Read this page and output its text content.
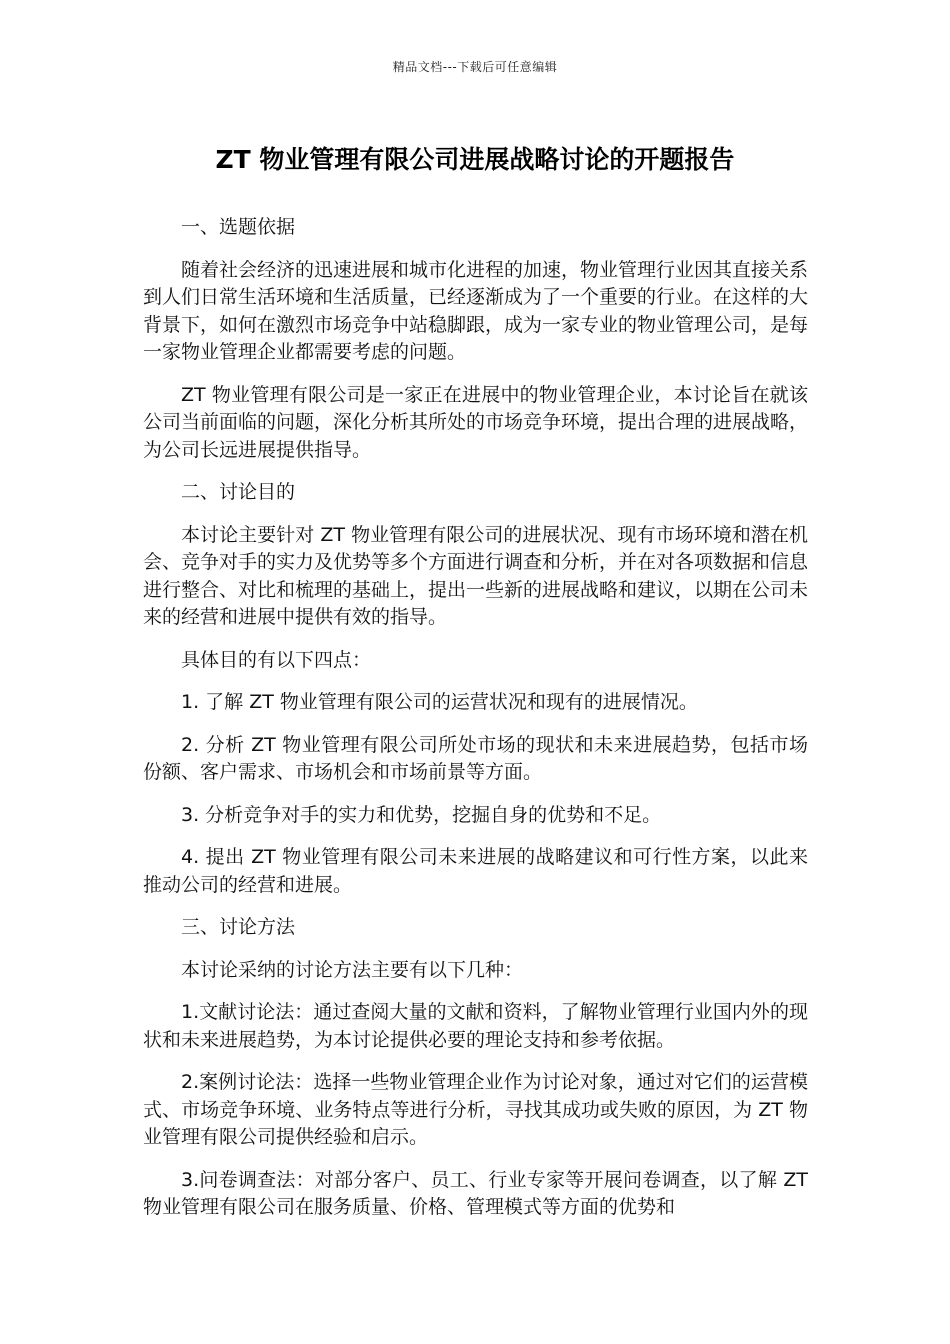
精品文档---下载后可任意编辑
ZT 物业管理有限公司进展战略讨论的开题报告

一、选题依据

随着社会经济的迅速进展和城市化进程的加速，物业管理行业因其直接关系到人们日常生活环境和生活质量，已经逐渐成为了一个重要的行业。在这样的大背景下，如何在激烈市场竞争中站稳脚跟，成为一家专业的物业管理公司，是每一家物业管理企业都需要考虑的问题。

ZT 物业管理有限公司是一家正在进展中的物业管理企业，本讨论旨在就该公司当前面临的问题，深化分析其所处的市场竞争环境，提出合理的进展战略，为公司长远进展提供指导。

二、讨论目的

本讨论主要针对 ZT 物业管理有限公司的进展状况、现有市场环境和潜在机会、竞争对手的实力及优势等多个方面进行调查和分析，并在对各项数据和信息进行整合、对比和梳理的基础上，提出一些新的进展战略和建议，以期在公司未来的经营和进展中提供有效的指导。

具体目的有以下四点：

1. 了解 ZT 物业管理有限公司的运营状况和现有的进展情况。

2. 分析 ZT 物业管理有限公司所处市场的现状和未来进展趋势，包括市场份额、客户需求、市场机会和市场前景等方面。

3. 分析竞争对手的实力和优势，挖掘自身的优势和不足。

4. 提出 ZT 物业管理有限公司未来进展的战略建议和可行性方案，以此来推动公司的经营和进展。

三、讨论方法

本讨论采纳的讨论方法主要有以下几种：

1.文献讨论法：通过查阅大量的文献和资料，了解物业管理行业国内外的现状和未来进展趋势，为本讨论提供必要的理论支持和参考依据。

2.案例讨论法：选择一些物业管理企业作为讨论对象，通过对它们的运营模式、市场竞争环境、业务特点等进行分析，寻找其成功或失败的原因，为 ZT 物业管理有限公司提供经验和启示。

3.问卷调查法：对部分客户、员工、行业专家等开展问卷调查，以了解 ZT 物业管理有限公司在服务质量、价格、管理模式等方面的优势和
